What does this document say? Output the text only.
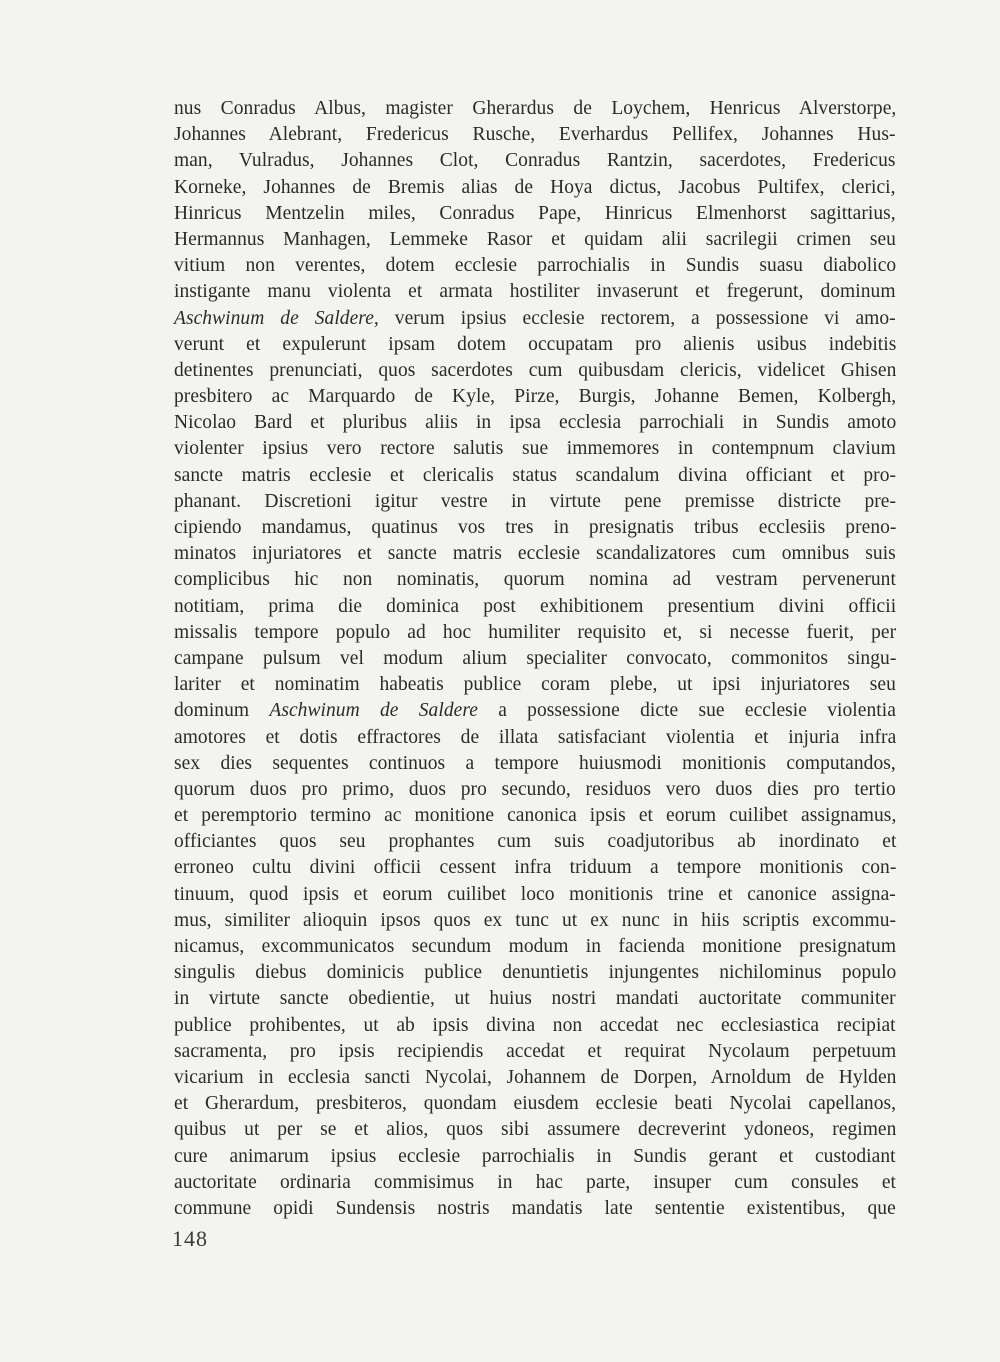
nus Conradus Albus, magister Gherardus de Loychem, Henricus Alverstorpe,
Johannes Alebrant, Fredericus Rusche, Everhardus Pellifex, Johannes Hus-
man, Vulradus, Johannes Clot, Conradus Rantzin, sacerdotes, Fredericus
Korneke, Johannes de Bremis alias de Hoya dictus, Jacobus Pultifex, clerici,
Hinricus Mentzelin miles, Conradus Pape, Hinricus Elmenhorst sagittarius,
Hermannus Manhagen, Lemmeke Rasor et quidam alii sacrilegii crimen seu
vitium non verentes, dotem ecclesie parrochialis in Sundis suasu diabolico
instigante manu violenta et armata hostiliter invaserunt et fregerunt, dominum
Aschwinum de Saldere, verum ipsius ecclesie rectorem, a possessione vi amo-
verunt et expulerunt ipsam dotem occupatam pro alienis usibus indebitis
detinentes prenunciati, quos sacerdotes cum quibusdam clericis, videlicet Ghisen
presbitero ac Marquardo de Kyle, Pirze, Burgis, Johanne Bemen, Kolbergh,
Nicolao Bard et pluribus aliis in ipsa ecclesia parrochiali in Sundis amoto
violenter ipsius vero rectore salutis sue immemores in contempnum clavium
sancte matris ecclesie et clericalis status scandalum divina officiant et pro-
phanant. Discretioni igitur vestre in virtute pene premisse districte pre-
cipiendo mandamus, quatinus vos tres in presignatis tribus ecclesiis preno-
minatos injuriatores et sancte matris ecclesie scandalizatores cum omnibus suis
complicibus hic non nominatis, quorum nomina ad vestram pervenerunt
notitiam, prima die dominica post exhibitionem presentium divini officii
missalis tempore populo ad hoc humiliter requisito et, si necesse fuerit, per
campane pulsum vel modum alium specialiter convocato, commonitos singu-
lariter et nominatim habeatis publice coram plebe, ut ipsi injuriatores seu
dominum Aschwinum de Saldere a possessione dicte sue ecclesie violentia
amotores et dotis effractores de illata satisfaciant violentia et injuria infra
sex dies sequentes continuos a tempore huiusmodi monitionis computandos,
quorum duos pro primo, duos pro secundo, residuos vero duos dies pro tertio
et peremptorio termino ac monitione canonica ipsis et eorum cuilibet assignamus,
officiantes quos seu prophantes cum suis coadjutoribus ab inordinato et
erroneo cultu divini officii cessent infra triduum a tempore monitionis con-
tinuum, quod ipsis et eorum cuilibet loco monitionis trine et canonice assigna-
mus, similiter alioquin ipsos quos ex tunc ut ex nunc in hiis scriptis excommu-
nicamus, excommunicatos secundum modum in facienda monitione presignatum
singulis diebus dominicis publice denuntietis injungentes nichilominus populo
in virtute sancte obedientie, ut huius nostri mandati auctoritate communiter
publice prohibentes, ut ab ipsis divina non accedat nec ecclesiastica recipiat
sacramenta, pro ipsis recipiendis accedat et requirat Nycolaum perpetuum
vicarium in ecclesia sancti Nycolai, Johannem de Dorpen, Arnoldum de Hylden
et Gherardum, presbiteros, quondam eiusdem ecclesie beati Nycolai capellanos,
quibus ut per se et alios, quos sibi assumere decreverint ydoneos, regimen
cure animarum ipsius ecclesie parrochialis in Sundis gerant et custodiant
auctoritate ordinaria commisimus in hac parte, insuper cum consules et
commune opidi Sundensis nostris mandatis late sententie existentibus, que
148
